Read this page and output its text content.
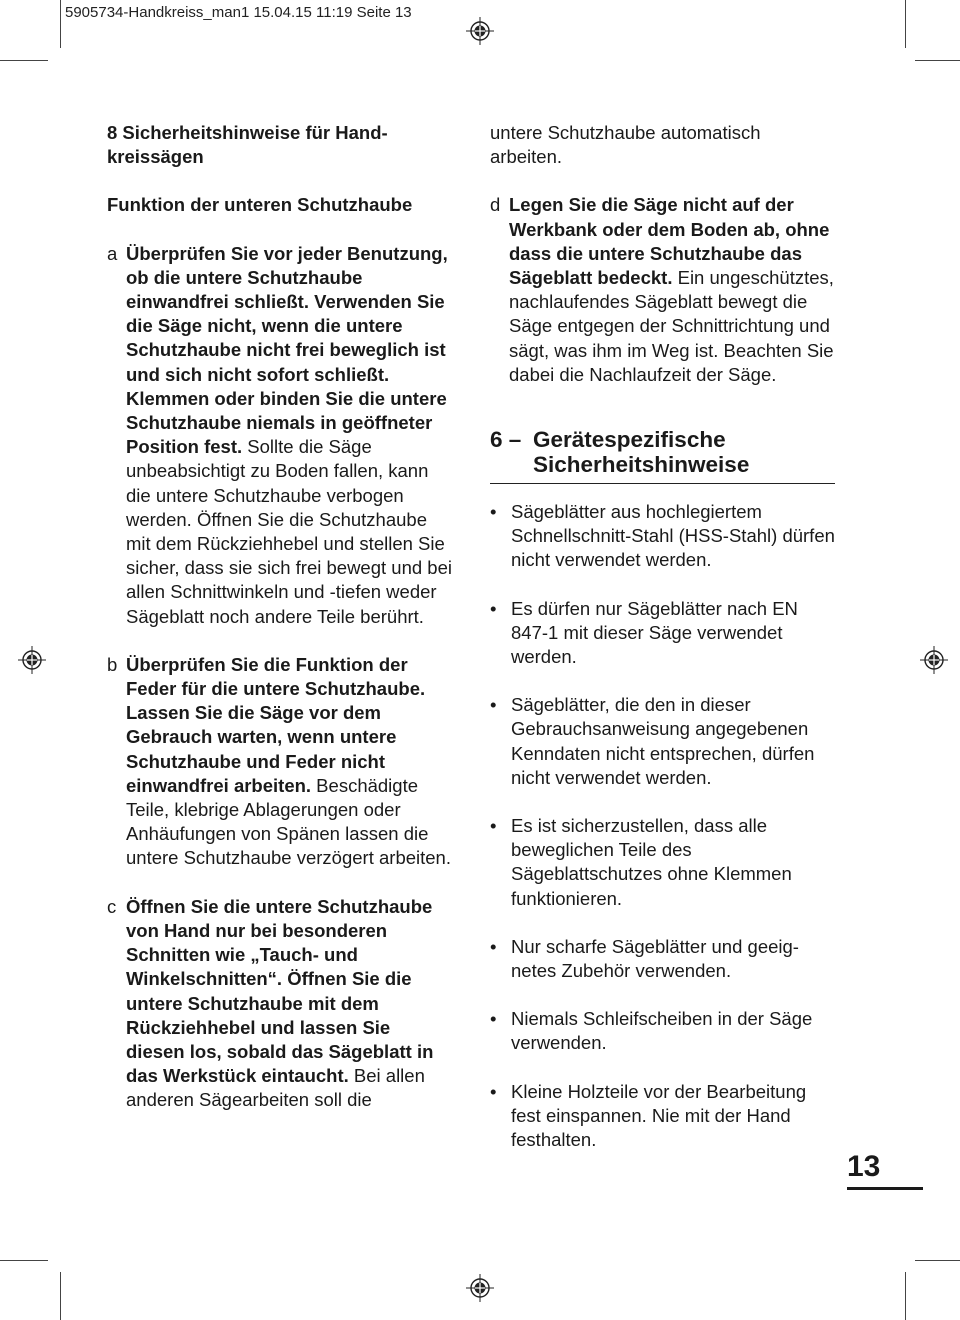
5905734-Handkreiss_man1 15.04.15 11:19 Seite 13
8 Sicherheitshinweise für Hand- kreissägen
Funktion der unteren Schutzhaube
a Überprüfen Sie vor jeder Benutzung, ob die untere Schutzhaube einwandfrei schließt. Verwenden Sie die Säge nicht, wenn die untere Schutzhaube nicht frei beweglich ist und sich nicht sofort schließt. Klemmen oder binden Sie die untere Schutzhaube niemals in geöffneter Position fest. Sollte die Säge unbeabsichtigt zu Boden fallen, kann die untere Schutzhaube verbogen werden. Öffnen Sie die Schutzhaube mit dem Rückziehhebel und stellen Sie sicher, dass sie sich frei bewegt und bei allen Schnittwinkeln und -tiefen weder Sägeblatt noch andere Teile berührt.
b Überprüfen Sie die Funktion der Feder für die untere Schutzhaube. Lassen Sie die Säge vor dem Gebrauch warten, wenn untere Schutzhaube und Feder nicht einwandfrei arbeiten. Beschädigte Teile, klebrige Ablagerungen oder Anhäufungen von Spänen lassen die untere Schutzhaube verzögert arbeiten.
c Öffnen Sie die untere Schutzhaube von Hand nur bei besonderen Schnitten wie „Tauch- und Winkelschnitten“. Öffnen Sie die untere Schutzhaube mit dem Rückziehhebel und lassen Sie diesen los, sobald das Sägeblatt in das Werkstück eintaucht. Bei allen anderen Sägearbeiten soll die
untere Schutzhaube automatisch arbeiten.
d Legen Sie die Säge nicht auf der Werkbank oder dem Boden ab, ohne dass die untere Schutzhaube das Sägeblatt bedeckt. Ein ungeschütztes, nachlaufendes Sägeblatt bewegt die Säge entgegen der Schnittrichtung und sägt, was ihm im Weg ist. Beachten Sie dabei die Nachlaufzeit der Säge.
6 – Gerätespezifische Sicherheitshinweise
• Sägeblätter aus hochlegiertem Schnellschnitt-Stahl (HSS-Stahl) dürfen nicht verwendet werden.
• Es dürfen nur Sägeblätter nach EN 847-1 mit dieser Säge verwendet werden.
• Sägeblätter, die den in dieser Gebrauchsanweisung angegebenen Kenndaten nicht entsprechen, dürfen nicht verwendet werden.
• Es ist sicherzustellen, dass alle beweglichen Teile des Sägeblattschutzes ohne Klemmen funktionieren.
• Nur scharfe Sägeblätter und geeig-netes Zubehör verwenden.
• Niemals Schleifscheiben in der Säge verwenden.
• Kleine Holzteile vor der Bearbeitung fest einspannen. Nie mit der Hand festhalten.
13
